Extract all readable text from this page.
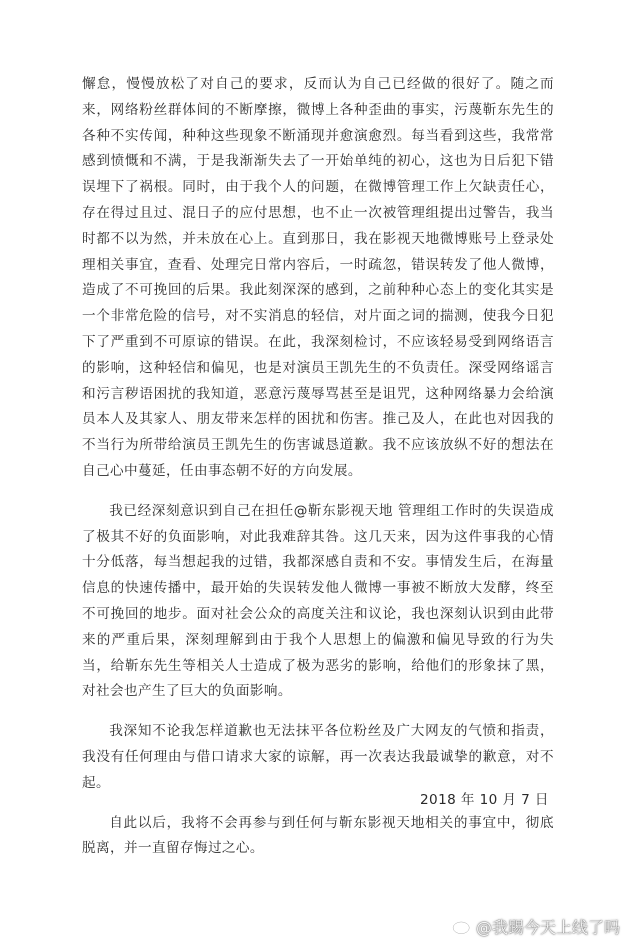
懈怠，慢慢放松了对自己的要求，反而认为自己已经做的很好了。随之而来，网络粉丝群体间的不断摩擦，微博上各种歪曲的事实，污蔑靳东先生的各种不实传闻，种种这些现象不断涌现并愈演愈烈。每当看到这些，我常常感到愤慨和不满，于是我渐渐失去了一开始单纯的初心，这也为日后犯下错误埋下了祸根。同时，由于我个人的问题，在微博管理工作上欠缺责任心，存在得过且过、混日子的应付思想，也不止一次被管理组提出过警告，我当时都不以为然，并未放在心上。直到那日，我在影视天地微博账号上登录处理相关事宜，查看、处理完日常内容后，一时疏忽，错误转发了他人微博，造成了不可挽回的后果。我此刻深深的感到，之前种种心态上的变化其实是一个非常危险的信号，对不实消息的轻信，对片面之词的揣测，使我今日犯下了严重到不可原谅的错误。在此，我深刻检讨，不应该轻易受到网络语言的影响，这种轻信和偏见，也是对演员王凯先生的不负责任。深受网络谣言和污言秽语困扰的我知道，恶意污蔑辱骂甚至是诅咒，这种网络暴力会给演员本人及其家人、朋友带来怎样的困扰和伤害。推己及人，在此也对因我的不当行为所带给演员王凯先生的伤害诚恳道歉。我不应该放纵不好的想法在自己心中蔓延，任由事态朝不好的方向发展。

我已经深刻意识到自己在担任@靳东影视天地 管理组工作时的失误造成了极其不好的负面影响，对此我难辞其咎。这几天来，因为这件事我的心情十分低落，每当想起我的过错，我都深感自责和不安。事情发生后，在海量信息的快速传播中，最开始的失误转发他人微博一事被不断放大发酵，终至不可挽回的地步。面对社会公众的高度关注和议论，我也深刻认识到由此带来的严重后果，深刻理解到由于我个人思想上的偏激和偏见导致的行为失当，给靳东先生等相关人士造成了极为恶劣的影响，给他们的形象抹了黑，对社会也产生了巨大的负面影响。

我深知不论我怎样道歉也无法抹平各位粉丝及广大网友的气愤和指责，我没有任何理由与借口请求大家的谅解，再一次表达我最诚挚的歉意，对不起。

自此以后，我将不会再参与到任何与靳东影视天地相关的事宜中，彻底脱离，并一直留存悔过之心。

2018 年 10 月 7 日
@我踢今天上线了吗
